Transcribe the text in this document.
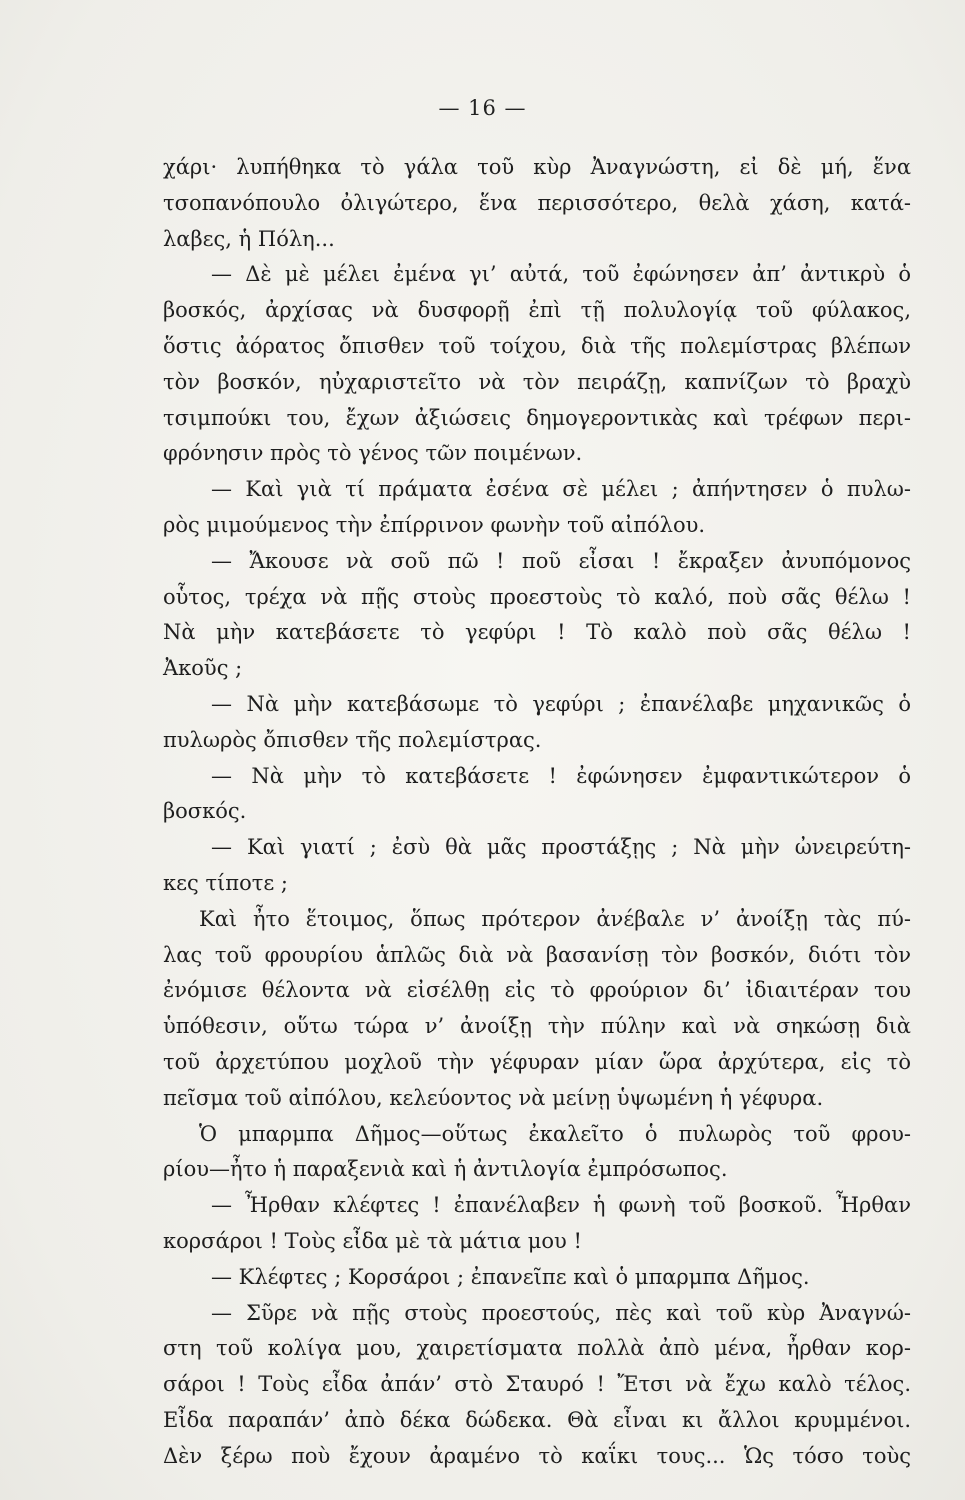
— 16 —
χάρι· λυπήθηκα τὸ γάλα τοῦ κὺρ Ἀναγνώστη, εἰ δὲ μή, ἕνα
τσοπανόπουλο ὀλιγώτερο, ἕνα περισσότερο, θελὰ χάση, κατά-
λαβες, ἡ Πόλη...
— Δὲ μὲ μέλει ἐμένα γι’ αὐτά, τοῦ ἐφώνησεν ἀπ’ ἀντικρὺ ὁ
βοσκός, ἀρχίσας νὰ δυσφορῇ ἐπὶ τῇ πολυλογίᾳ τοῦ φύλακος,
ὅστις ἀόρατος ὄπισθεν τοῦ τοίχου, διὰ τῆς πολεμίστρας βλέπων
τὸν βοσκόν, ηὐχαριστεῖτο νὰ τὸν πειράζῃ, καπνίζων τὸ βραχὺ
τσιμπούκι του, ἔχων ἀξιώσεις δημογεροντικὰς καὶ τρέφων περι-
φρόνησιν πρὸς τὸ γένος τῶν ποιμένων.
— Καὶ γιὰ τί πράματα ἐσένα σὲ μέλει ; ἀπήντησεν ὁ πυλω-
ρὸς μιμούμενος τὴν ἐπίρρινον φωνὴν τοῦ αἰπόλου.
— Ἄκουσε νὰ σοῦ πῶ ! ποῦ εἶσαι ! ἔκραξεν ἀνυπόμονος
οὗτος, τρέχα νὰ πῇς στοὺς προεστοὺς τὸ καλό, ποὺ σᾶς θέλω !
Νὰ μὴν κατεβάσετε τὸ γεφύρι ! Τὸ καλὸ ποὺ σᾶς θέλω !
Ἀκοῦς ;
— Νὰ μὴν κατεβάσωμε τὸ γεφύρι ; ἐπανέλαβε μηχανικῶς ὁ
πυλωρὸς ὄπισθεν τῆς πολεμίστρας.
— Νὰ μὴν τὸ κατεβάσετε ! ἐφώνησεν ἐμφαντικώτερον ὁ
βοσκός.
— Καὶ γιατί ; ἐσὺ θὰ μᾶς προστάξῃς ; Νὰ μὴν ὠνειρεύτη-
κες τίποτε ;
Καὶ ἦτο ἕτοιμος, ὅπως πρότερον ἀνέβαλε ν’ ἀνοίξῃ τὰς πύ-
λας τοῦ φρουρίου ἁπλῶς διὰ νὰ βασανίσῃ τὸν βοσκόν, διότι τὸν
ἐνόμισε θέλοντα νὰ εἰσέλθῃ εἰς τὸ φρούριον δι’ ἰδιαιτέραν του
ὑπόθεσιν, οὕτω τώρα ν’ ἀνοίξῃ τὴν πύλην καὶ νὰ σηκώσῃ διὰ
τοῦ ἀρχετύπου μοχλοῦ τὴν γέφυραν μίαν ὥρα ἀρχύτερα, εἰς τὸ
πεῖσμα τοῦ αἰπόλου, κελεύοντος νὰ μείνῃ ὑψωμένη ἡ γέφυρα.
Ὁ μπαρμπα Δῆμος—οὕτως ἐκαλεῖτο ὁ πυλωρὸς τοῦ φρου-
ρίου—ἦτο ἡ παραξενιὰ καὶ ἡ ἀντιλογία ἐμπρόσωπος.
— Ἦρθαν κλέφτες ! ἐπανέλαβεν ἡ φωνὴ τοῦ βοσκοῦ. Ἦρθαν
κορσάροι ! Τοὺς εἶδα μὲ τὰ μάτια μου !
— Κλέφτες ; Κορσάροι ; ἐπανεῖπε καὶ ὁ μπαρμπα Δῆμος.
— Σῦρε νὰ πῇς στοὺς προεστούς, πὲς καὶ τοῦ κὺρ Ἀναγνώ-
στη τοῦ κολίγα μου, χαιρετίσματα πολλὰ ἀπὸ μένα, ἦρθαν κορ-
σάροι ! Τοὺς εἶδα ἀπάν’ στὸ Σταυρό ! Ἔτσι νὰ ἔχω καλὸ τέλος.
Εἶδα παραπάν’ ἀπὸ δέκα δώδεκα. Θὰ εἶναι κι ἄλλοι κρυμμένοι.
Δὲν ξέρω ποὺ ἔχουν ἀραμένο τὸ καΐκι τους... Ὡς τόσο τοὺς
